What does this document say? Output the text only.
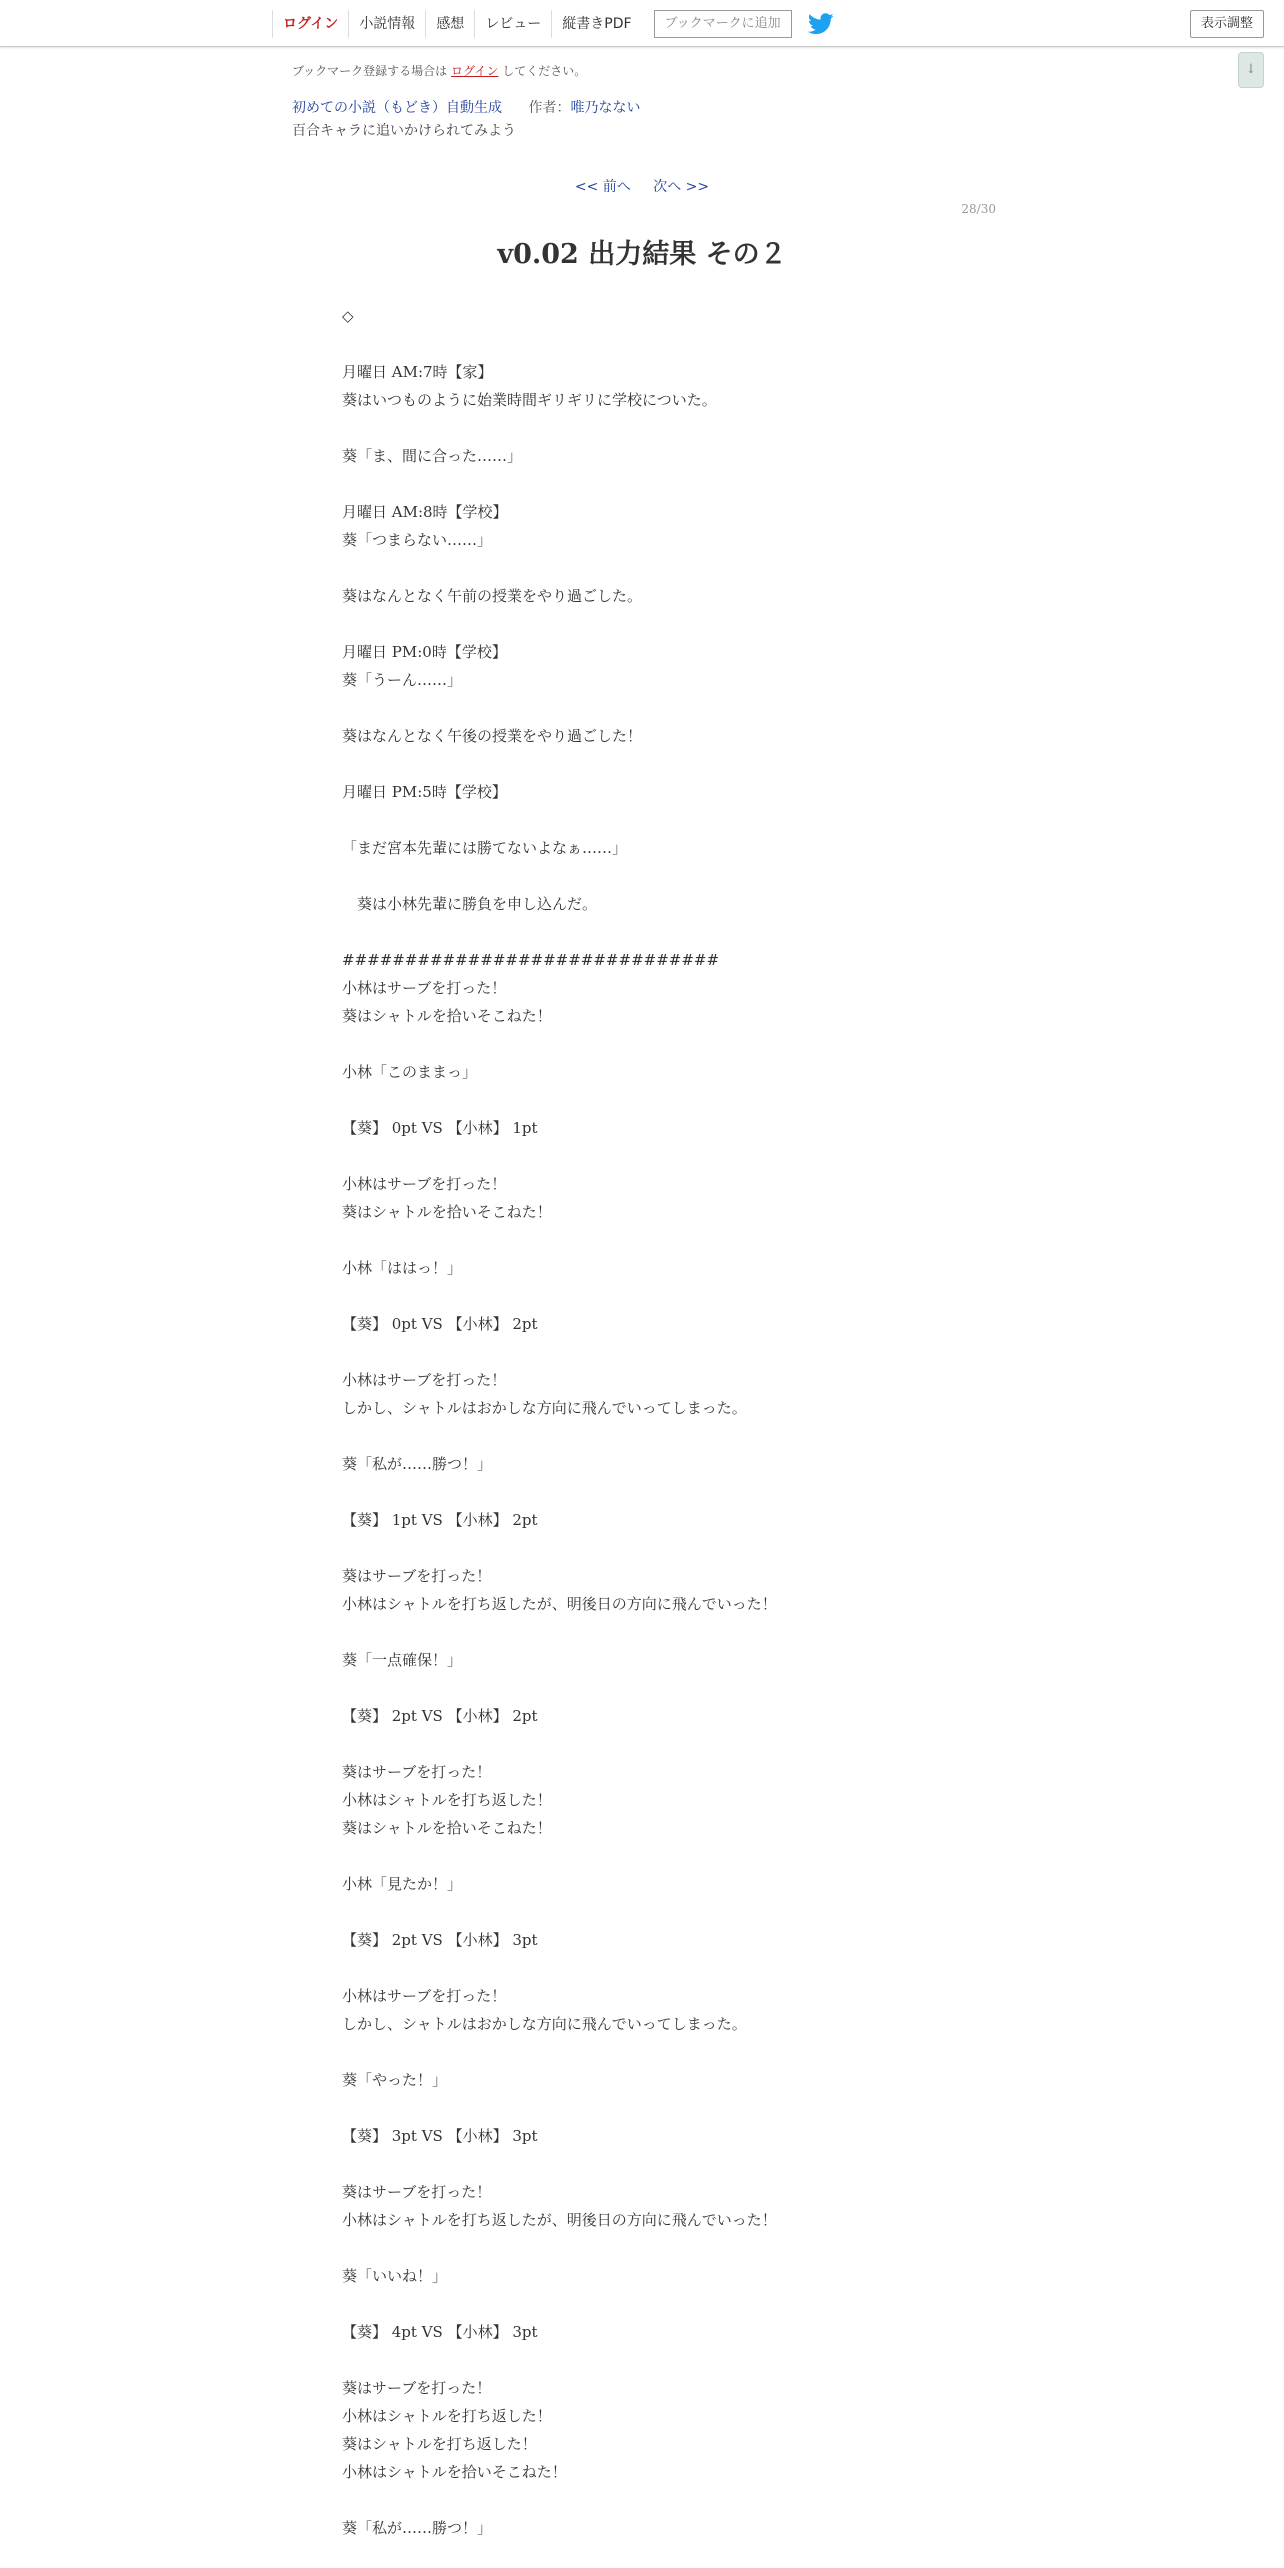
ログイン	小説情報	感想	レビュー	縦書きPDF	ブックマークに追加	表示調整
↓
ブックマーク登録する場合は ログイン してください。
初めての小説（もどき）自動生成 作者：唯乃なない
百合キャラに追いかけられてみよう
<< 前へ 次へ >>
28/30
v0.02 出力結果 その２

◇

月曜日 AM:7時【家】

葵はいつものように始業時間ギリギリに学校についた。

葵「ま、間に合った……」

月曜日 AM:8時【学校】

葵「つまらない……」

葵はなんとなく午前の授業をやり過ごした。

月曜日 PM:0時【学校】

葵「うーん……」

葵はなんとなく午後の授業をやり過ごした！

月曜日 PM:5時【学校】

「まだ宮本先輩には勝てないよなぁ……」

　葵は小林先輩に勝負を申し込んだ。

##############################

小林はサーブを打った！

葵はシャトルを拾いそこねた！

小林「このままっ」

【葵】 0pt VS 【小林】 1pt

小林はサーブを打った！

葵はシャトルを拾いそこねた！

小林「ははっ！」

【葵】 0pt VS 【小林】 2pt

小林はサーブを打った！

しかし、シャトルはおかしな方向に飛んでいってしまった。

葵「私が……勝つ！」

【葵】 1pt VS 【小林】 2pt

葵はサーブを打った！

小林はシャトルを打ち返したが、明後日の方向に飛んでいった！

葵「一点確保！」

【葵】 2pt VS 【小林】 2pt

葵はサーブを打った！

小林はシャトルを打ち返した！

葵はシャトルを拾いそこねた！

小林「見たか！」

【葵】 2pt VS 【小林】 3pt

小林はサーブを打った！

しかし、シャトルはおかしな方向に飛んでいってしまった。

葵「やった！」

【葵】 3pt VS 【小林】 3pt

葵はサーブを打った！

小林はシャトルを打ち返したが、明後日の方向に飛んでいった！

葵「いいね！」

【葵】 4pt VS 【小林】 3pt

葵はサーブを打った！

小林はシャトルを打ち返した！

葵はシャトルを打ち返した！

小林はシャトルを拾いそこねた！

葵「私が……勝つ！」
